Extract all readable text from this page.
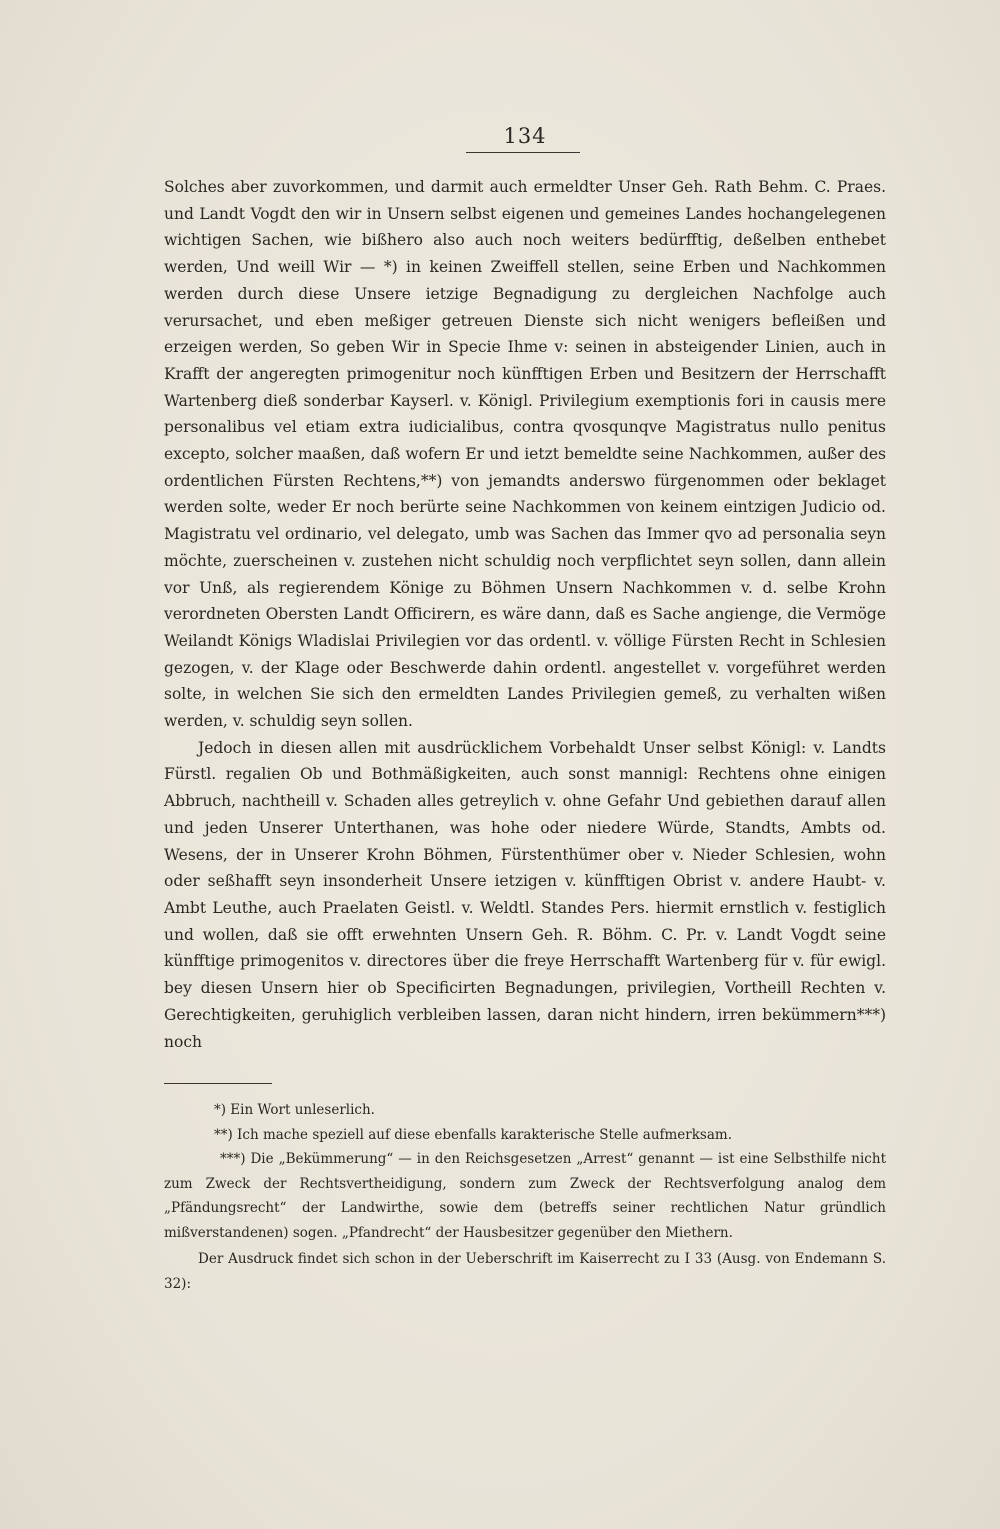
134

Solches aber zuvorkommen, und darmit auch ermeldter Unser Geh. Rath Behm. C. Praes. und Landt Vogdt den wir in Unsern selbst eigenen und gemeines Landes hochangelegenen wichtigen Sachen, wie bißhero also auch noch weiters bedürfftig, deßelben enthebet werden, Und weill Wir — *) in keinen Zweiffell stellen, seine Erben und Nachkommen werden durch diese Unsere ietzige Begnadigung zu dergleichen Nachfolge auch verursachet, und eben meßiger getreuen Dienste sich nicht wenigers befleißen und erzeigen werden, So geben Wir in Specie Ihme v: seinen in absteigender Linien, auch in Krafft der angeregten primogenitur noch künfftigen Erben und Besitzern der Herrschafft Wartenberg dieß sonderbar Kayserl. v. Königl. Privilegium exemptionis fori in causis mere personalibus vel etiam extra iudicialibus, contra qvosqunqve Magistratus nullo penitus excepto, solcher maaßen, daß wofern Er und ietzt bemeldte seine Nachkommen, außer des ordentlichen Fürsten Rechtens,**) von jemandts anderswo fürgenommen oder beklaget werden solte, weder Er noch berürte seine Nachkommen von keinem eintzigen Judicio od. Magistratu vel ordinario, vel delegato, umb was Sachen das Immer qvo ad personalia seyn möchte, zuerscheinen v. zustehen nicht schuldig noch verpflichtet seyn sollen, dann allein vor Unß, als regierendem Könige zu Böhmen Unsern Nachkommen v. d. selbe Krohn verordneten Obersten Landt Officirern, es wäre dann, daß es Sache angienge, die Vermöge Weilandt Königs Wladislai Privilegien vor das ordentl. v. völlige Fürsten Recht in Schlesien gezogen, v. der Klage oder Beschwerde dahin ordentl. angestellet v. vorgeführet werden solte, in welchen Sie sich den ermeldten Landes Privilegien gemeß, zu verhalten wißen werden, v. schuldig seyn sollen.

Jedoch in diesen allen mit ausdrücklichem Vorbehaldt Unser selbst Königl: v. Landts Fürstl. regalien Ob und Bothmäßigkeiten, auch sonst mannigl: Rechtens ohne einigen Abbruch, nachtheill v. Schaden alles getreylich v. ohne Gefahr Und gebiethen darauf allen und jeden Unserer Unterthanen, was hohe oder niedere Würde, Standts, Ambts od. Wesens, der in Unserer Krohn Böhmen, Fürstenthümer ober v. Nieder Schlesien, wohn oder seßhafft seyn insonderheit Unsere ietzigen v. künfftigen Obrist v. andere Haubt- v. Ambt Leuthe, auch Praelaten Geistl. v. Weldtl. Standes Pers. hiermit ernstlich v. festiglich und wollen, daß sie offt erwehnten Unsern Geh. R. Böhm. C. Pr. v. Landt Vogdt seine künfftige primogenitos v. directores über die freye Herrschafft Wartenberg für v. für ewigl. bey diesen Unsern hier ob Specificirten Begnadungen, privilegien, Vortheill Rechten v. Gerechtigkeiten, geruhiglich verbleiben lassen, daran nicht hindern, irren bekümmern***) noch

*) Ein Wort unleserlich.

**) Ich mache speziell auf diese ebenfalls karakterische Stelle aufmerksam.

***) Die „Bekümmerung“ — in den Reichsgesetzen „Arrest“ genannt — ist eine Selbsthilfe nicht zum Zweck der Rechtsvertheidigung, sondern zum Zweck der Rechtsverfolgung analog dem „Pfändungsrecht“ der Landwirthe, sowie dem (betreffs seiner rechtlichen Natur gründlich mißverstandenen) sogen. „Pfandrecht“ der Hausbesitzer gegenüber den Miethern.

Der Ausdruck findet sich schon in der Ueberschrift im Kaiserrecht zu I 33 (Ausg. von Endemann S. 32):
